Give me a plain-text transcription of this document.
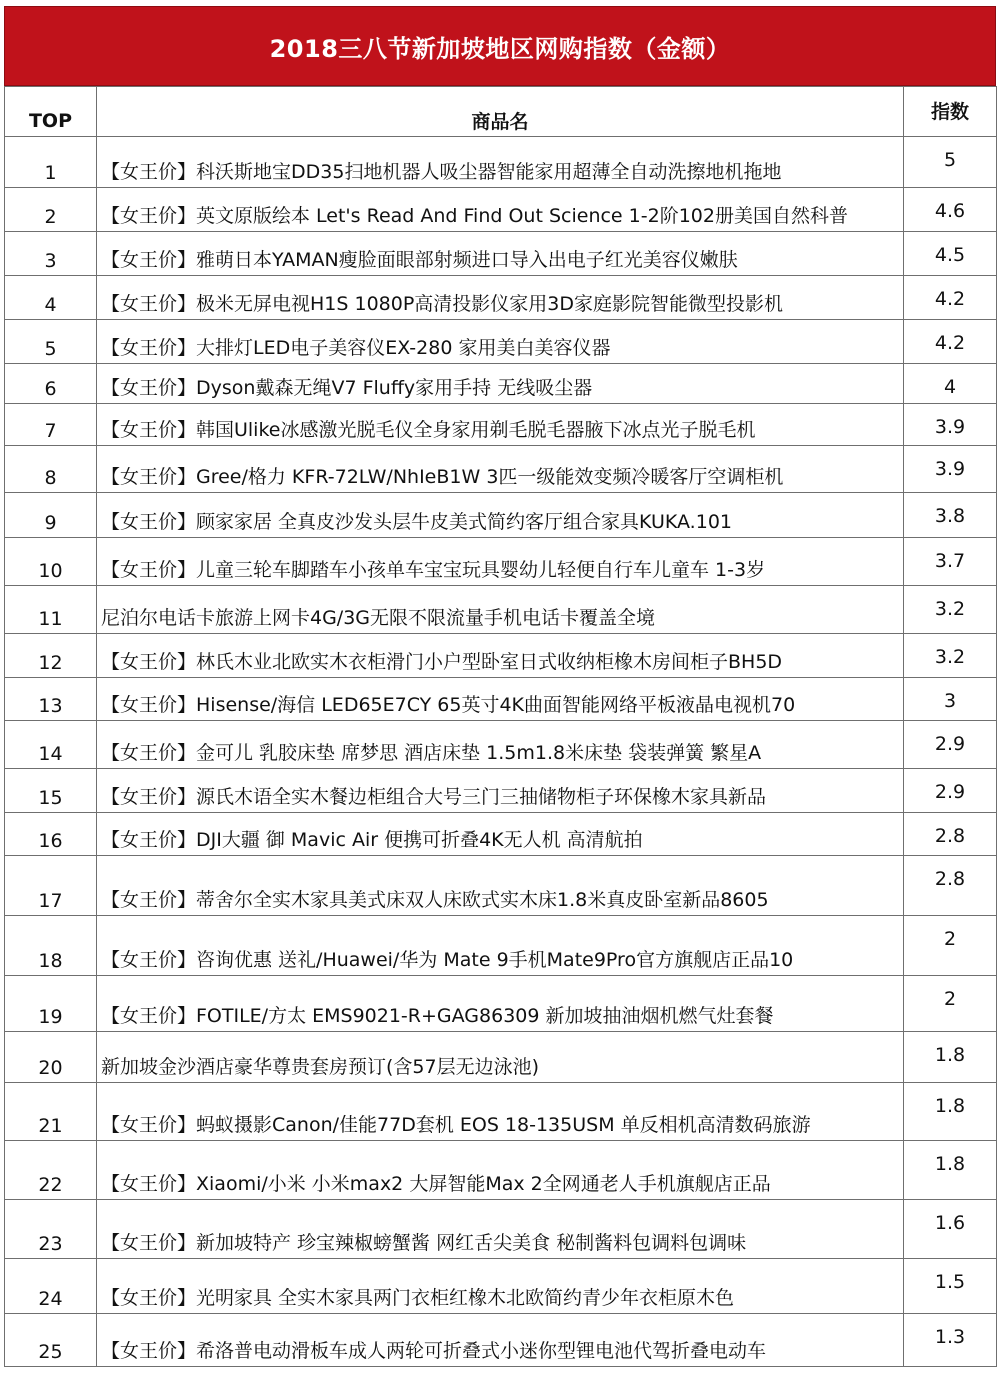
2018三八节新加坡地区网购指数（金额）
TOP	商品名	指数
1	【女王价】科沃斯地宝DD35扫地机器人吸尘器智能家用超薄全自动洗擦地机拖地	5
2	【女王价】英文原版绘本 Let's Read And Find Out Science 1-2阶102册美国自然科普	4.6
3	【女王价】雅萌日本YAMAN瘦脸面眼部射频进口导入出电子红光美容仪嫩肤	4.5
4	【女王价】极米无屏电视H1S 1080P高清投影仪家用3D家庭影院智能微型投影机	4.2
5	【女王价】大排灯LED电子美容仪EX-280 家用美白美容仪器	4.2
6	【女王价】Dyson戴森无绳V7 Fluffy家用手持 无线吸尘器	4
7	【女王价】韩国Ulike冰感激光脱毛仪全身家用剃毛脱毛器腋下冰点光子脱毛机	3.9
8	【女王价】Gree/格力 KFR-72LW/NhIeB1W 3匹一级能效变频冷暖客厅空调柜机	3.9
9	【女王价】顾家家居 全真皮沙发头层牛皮美式简约客厅组合家具KUKA.101	3.8
10	【女王价】儿童三轮车脚踏车小孩单车宝宝玩具婴幼儿轻便自行车儿童车 1-3岁	3.7
11	尼泊尔电话卡旅游上网卡4G/3G无限不限流量手机电话卡覆盖全境	3.2
12	【女王价】林氏木业北欧实木衣柜滑门小户型卧室日式收纳柜橡木房间柜子BH5D	3.2
13	【女王价】Hisense/海信 LED65E7CY 65英寸4K曲面智能网络平板液晶电视机70	3
14	【女王价】金可儿 乳胶床垫 席梦思 酒店床垫 1.5m1.8米床垫 袋装弹簧 繁星A	2.9
15	【女王价】源氏木语全实木餐边柜组合大号三门三抽储物柜子环保橡木家具新品	2.9
16	【女王价】DJI大疆 御 Mavic Air 便携可折叠4K无人机 高清航拍	2.8
17	【女王价】蒂舍尔全实木家具美式床双人床欧式实木床1.8米真皮卧室新品8605	2.8
18	【女王价】咨询优惠 送礼/Huawei/华为 Mate 9手机Mate9Pro官方旗舰店正品10	2
19	【女王价】FOTILE/方太 EMS9021-R+GAG86309 新加坡抽油烟机燃气灶套餐	2
20	新加坡金沙酒店豪华尊贵套房预订(含57层无边泳池)	1.8
21	【女王价】蚂蚁摄影Canon/佳能77D套机 EOS 18-135USM 单反相机高清数码旅游	1.8
22	【女王价】Xiaomi/小米 小米max2 大屏智能Max 2全网通老人手机旗舰店正品	1.8
23	【女王价】新加坡特产 珍宝辣椒螃蟹酱 网红舌尖美食 秘制酱料包调料包调味	1.6
24	【女王价】光明家具 全实木家具两门衣柜红橡木北欧简约青少年衣柜原木色	1.5
25	【女王价】希洛普电动滑板车成人两轮可折叠式小迷你型锂电池代驾折叠电动车	1.3
